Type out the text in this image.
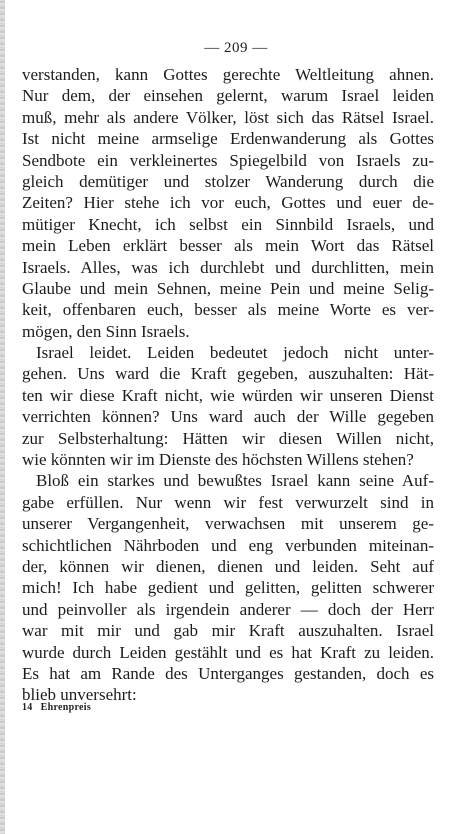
— 209 —
verstanden, kann Gottes gerechte Weltleitung ahnen.
Nur dem, der einsehen gelernt, warum Israel leiden
muß, mehr als andere Völker, löst sich das Rätsel Israel.
Ist nicht meine armselige Erdenwanderung als Gottes
Sendbote ein verkleinertes Spiegelbild von Israels zu-
gleich demütiger und stolzer Wanderung durch die
Zeiten? Hier stehe ich vor euch, Gottes und euer de-
mütiger Knecht, ich selbst ein Sinnbild Israels, und
mein Leben erklärt besser als mein Wort das Rätsel
Israels. Alles, was ich durchlebt und durchlitten, mein
Glaube und mein Sehnen, meine Pein und meine Selig-
keit, offenbaren euch, besser als meine Worte es ver-
mögen, den Sinn Israels.
Israel leidet. Leiden bedeutet jedoch nicht unter-
gehen. Uns ward die Kraft gegeben, auszuhalten: Hät-
ten wir diese Kraft nicht, wie würden wir unseren Dienst
verrichten können? Uns ward auch der Wille gegeben
zur Selbsterhaltung: Hätten wir diesen Willen nicht,
wie könnten wir im Dienste des höchsten Willens stehen?
Bloß ein starkes und bewußtes Israel kann seine Auf-
gabe erfüllen. Nur wenn wir fest verwurzelt sind in
unserer Vergangenheit, verwachsen mit unserem ge-
schichtlichen Nährboden und eng verbunden miteinan-
der, können wir dienen, dienen und leiden. Seht auf
mich! Ich habe gedient und gelitten, gelitten schwerer
und peinvoller als irgendein anderer — doch der Herr
war mit mir und gab mir Kraft auszuhalten. Israel
wurde durch Leiden gestählt und es hat Kraft zu leiden.
Es hat am Rande des Unterganges gestanden, doch es
blieb unversehrt:
14 Ehrenpreis
